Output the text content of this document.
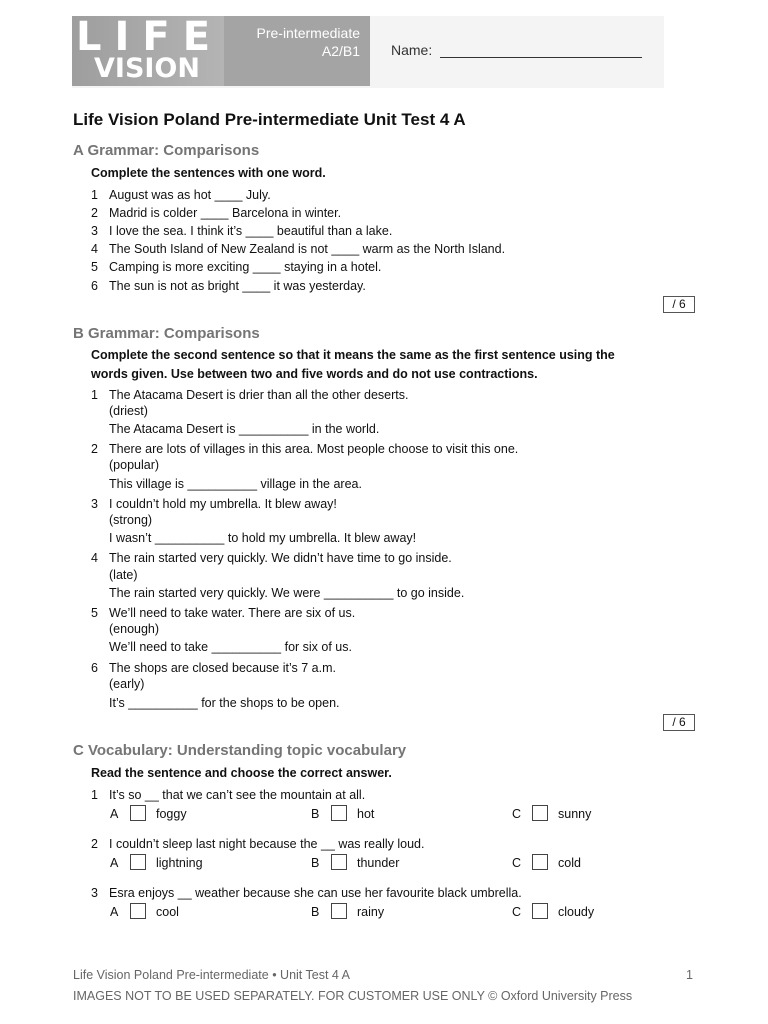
LIFE
VISION
Pre-intermediate
A2/B1 Name:
Life Vision Poland Pre-intermediate Unit Test 4 A
A Grammar: Comparisons
Complete the sentences with one word.
1 August was as hot ____ July.
2 Madrid is colder ____ Barcelona in winter.
3 I love the sea. I think it’s ____ beautiful than a lake.
4 The South Island of New Zealand is not ____ warm as the North Island.
5 Camping is more exciting ____ staying in a hotel.
6 The sun is not as bright ____ it was yesterday.
/ 6
B Grammar: Comparisons
Complete the second sentence so that it means the same as the first sentence using the words given. Use between two and five words and do not use contractions.
1 The Atacama Desert is drier than all the other deserts.
(driest)
The Atacama Desert is __________ in the world.
2 There are lots of villages in this area. Most people choose to visit this one.
(popular)
This village is __________ village in the area.
3 I couldn’t hold my umbrella. It blew away!
(strong)
I wasn’t __________ to hold my umbrella. It blew away!
4 The rain started very quickly. We didn’t have time to go inside.
(late)
The rain started very quickly. We were __________ to go inside.
5 We’ll need to take water. There are six of us.
(enough)
We’ll need to take __________ for six of us.
6 The shops are closed because it’s 7 a.m.
(early)
It’s __________ for the shops to be open.
/ 6
C Vocabulary: Understanding topic vocabulary
Read the sentence and choose the correct answer.
1 It’s so __ that we can’t see the mountain at all.
A	foggy	B	hot	C	sunny
2 I couldn’t sleep last night because the __ was really loud.
A	lightning	B	thunder	C	cold
3 Esra enjoys __ weather because she can use her favourite black umbrella.
A	cool	B	rainy	C	cloudy
Life Vision Poland Pre-intermediate • Unit Test 4 A	1
IMAGES NOT TO BE USED SEPARATELY. FOR CUSTOMER USE ONLY © Oxford University Press
